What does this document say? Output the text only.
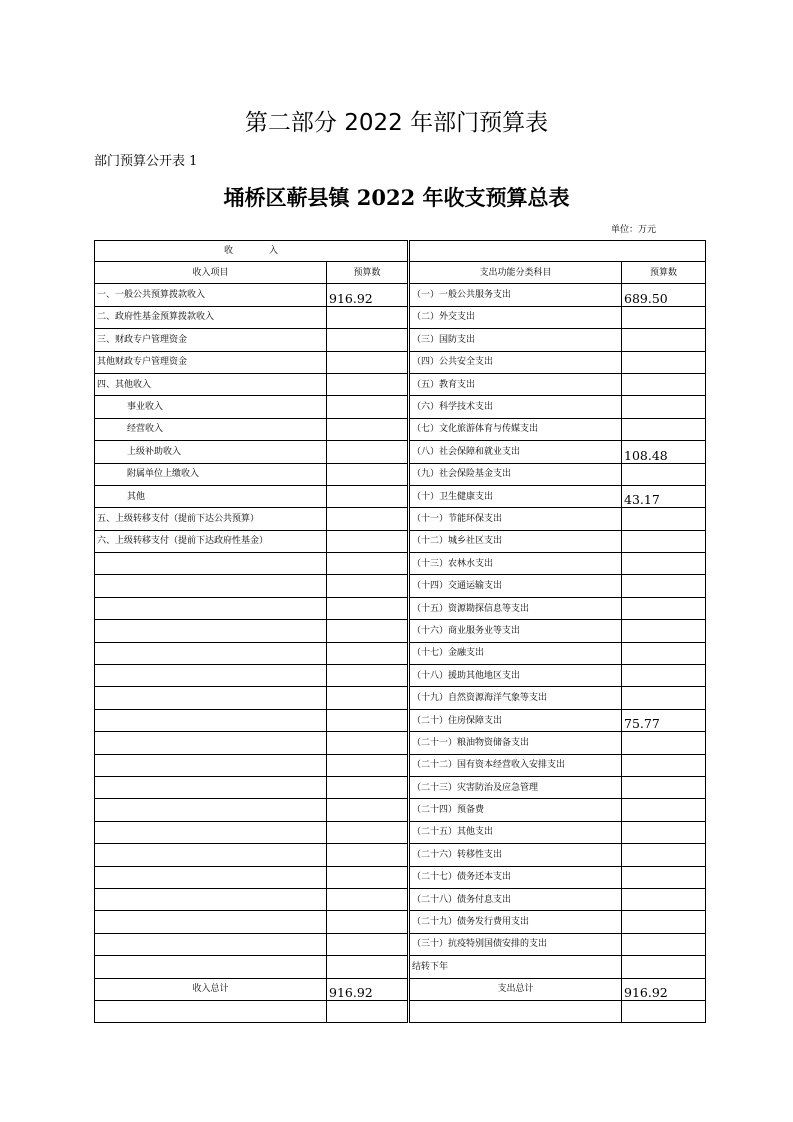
第二部分 2022 年部门预算表
部门预算公开表 1
埇桥区蕲县镇 2022 年收支预算总表
单位：万元
收　　　　入				
收入项目	预算数		支出功能分类科目	预算数
一、一般公共预算拨款收入	916.92		（一）一般公共服务支出	689.50
二、政府性基金预算拨款收入			（二）外交支出	
三、财政专户管理资金			（三）国防支出	
其他财政专户管理资金			（四）公共安全支出	
四、其他收入			（五）教育支出	
事业收入			（六）科学技术支出	
经营收入			（七）文化旅游体育与传媒支出	
上级补助收入			（八）社会保障和就业支出	108.48
附属单位上缴收入			（九）社会保险基金支出	
其他			（十）卫生健康支出	43.17
五、上级转移支付（提前下达公共预算）			（十一）节能环保支出	
六、上级转移支付（提前下达政府性基金）			（十二）城乡社区支出	
			（十三）农林水支出	
			（十四）交通运输支出	
			（十五）资源勘探信息等支出	
			（十六）商业服务业等支出	
			（十七）金融支出	
			（十八）援助其他地区支出	
			（十九）自然资源海洋气象等支出	
			（二十）住房保障支出	75.77
			（二十一）粮油物资储备支出	
			（二十二）国有资本经营收入安排支出	
			（二十三）灾害防治及应急管理	
			（二十四）预备费	
			（二十五）其他支出	
			（二十六）转移性支出	
			（二十七）债务还本支出	
			（二十八）债务付息支出	
			（二十九）债务发行费用支出	
			（三十）抗疫特别国债安排的支出	
			结转下年	
收入总计	916.92		支出总计	916.92
